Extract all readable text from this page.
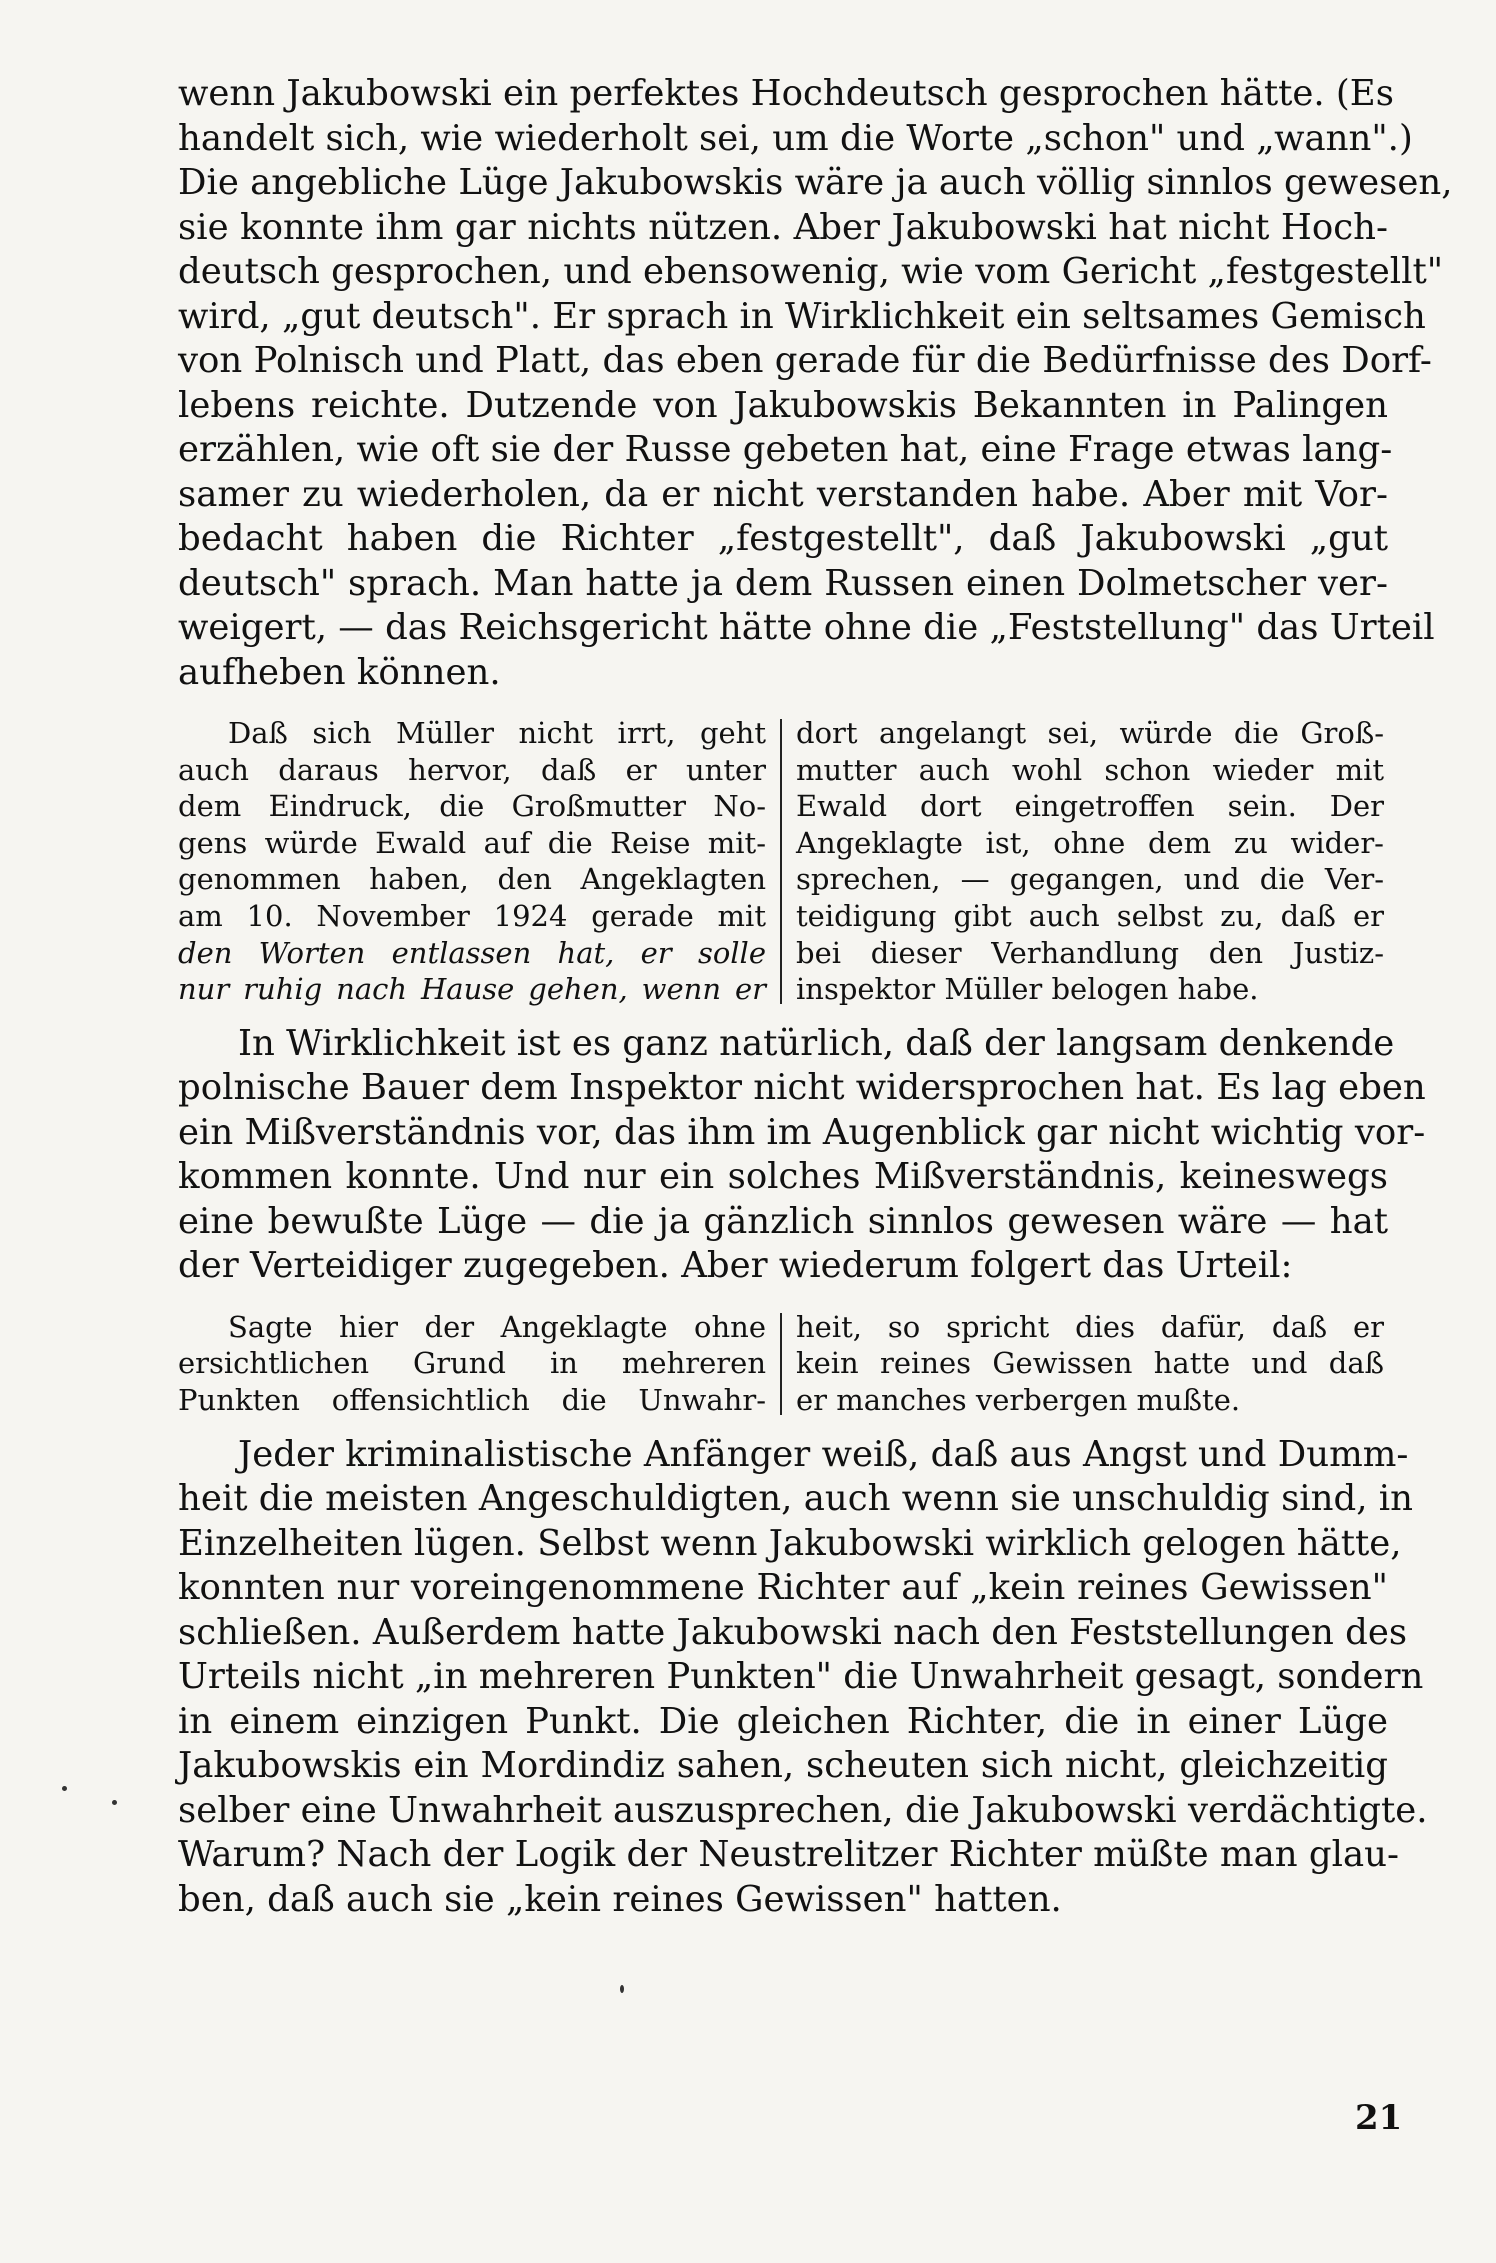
wenn Jakubowski ein perfektes Hochdeutsch gesprochen hätte. (Es
handelt sich, wie wiederholt sei, um die Worte „schon" und „wann".)
Die angebliche Lüge Jakubowskis wäre ja auch völlig sinnlos gewesen,
sie konnte ihm gar nichts nützen. Aber Jakubowski hat nicht Hoch-
deutsch gesprochen, und ebensowenig, wie vom Gericht „festgestellt"
wird, „gut deutsch". Er sprach in Wirklichkeit ein seltsames Gemisch
von Polnisch und Platt, das eben gerade für die Bedürfnisse des Dorf-
lebens reichte. Dutzende von Jakubowskis Bekannten in Palingen
erzählen, wie oft sie der Russe gebeten hat, eine Frage etwas lang-
samer zu wiederholen, da er nicht verstanden habe. Aber mit Vor-
bedacht haben die Richter „festgestellt", daß Jakubowski „gut
deutsch" sprach. Man hatte ja dem Russen einen Dolmetscher ver-
weigert, — das Reichsgericht hätte ohne die „Feststellung" das Urteil
aufheben können.
Daß sich Müller nicht irrt, geht
auch daraus hervor, daß er unter
dem Eindruck, die Großmutter No-
gens würde Ewald auf die Reise mit-
genommen haben, den Angeklagten
am 10. November 1924 gerade mit
den Worten entlassen hat, er solle
nur ruhig nach Hause gehen, wenn er
dort angelangt sei, würde die Groß-
mutter auch wohl schon wieder mit
Ewald dort eingetroffen sein. Der
Angeklagte ist, ohne dem zu wider-
sprechen, — gegangen, und die Ver-
teidigung gibt auch selbst zu, daß er
bei dieser Verhandlung den Justiz-
inspektor Müller belogen habe.
In Wirklichkeit ist es ganz natürlich, daß der langsam denkende
polnische Bauer dem Inspektor nicht widersprochen hat. Es lag eben
ein Mißverständnis vor, das ihm im Augenblick gar nicht wichtig vor-
kommen konnte. Und nur ein solches Mißverständnis, keineswegs
eine bewußte Lüge — die ja gänzlich sinnlos gewesen wäre — hat
der Verteidiger zugegeben. Aber wiederum folgert das Urteil:
Sagte hier der Angeklagte ohne
ersichtlichen Grund in mehreren
Punkten offensichtlich die Unwahr-
heit, so spricht dies dafür, daß er
kein reines Gewissen hatte und daß
er manches verbergen mußte.
Jeder kriminalistische Anfänger weiß, daß aus Angst und Dumm-
heit die meisten Angeschuldigten, auch wenn sie unschuldig sind, in
Einzelheiten lügen. Selbst wenn Jakubowski wirklich gelogen hätte,
konnten nur voreingenommene Richter auf „kein reines Gewissen"
schließen. Außerdem hatte Jakubowski nach den Feststellungen des
Urteils nicht „in mehreren Punkten" die Unwahrheit gesagt, sondern
in einem einzigen Punkt. Die gleichen Richter, die in einer Lüge
Jakubowskis ein Mordindiz sahen, scheuten sich nicht, gleichzeitig
selber eine Unwahrheit auszusprechen, die Jakubowski verdächtigte.
Warum? Nach der Logik der Neustrelitzer Richter müßte man glau-
ben, daß auch sie „kein reines Gewissen" hatten.
21
